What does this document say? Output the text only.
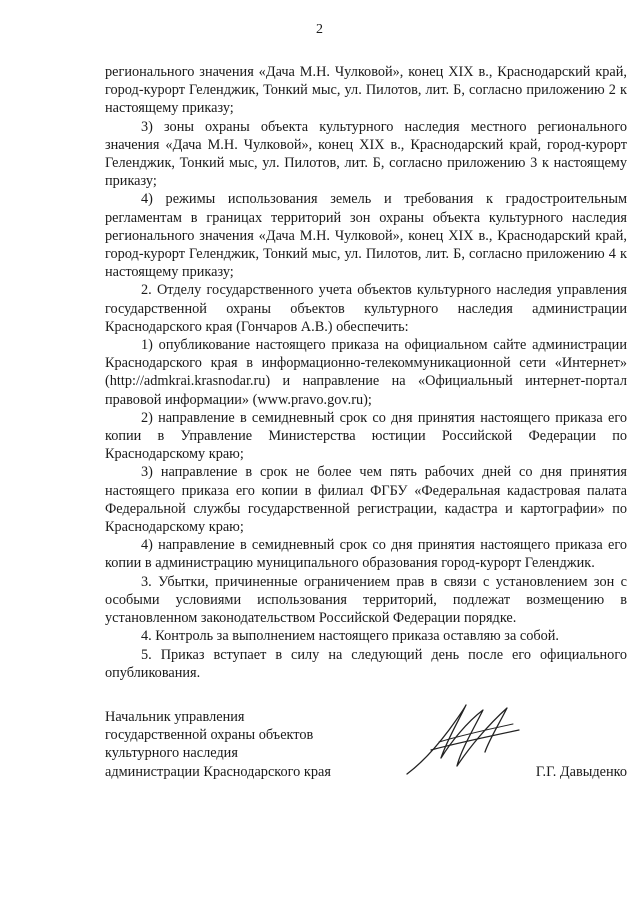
2

регионального значения «Дача М.Н. Чулковой», конец XIX в., Краснодарский край, город-курорт Геленджик, Тонкий мыс, ул. Пилотов, лит. Б, согласно приложению 2 к настоящему приказу;

3) зоны охраны объекта культурного наследия местного регионального значения «Дача М.Н. Чулковой», конец XIX в., Краснодарский край, город-курорт Геленджик, Тонкий мыс, ул. Пилотов, лит. Б, согласно приложению 3 к настоящему приказу;

4) режимы использования земель и требования к градостроительным регламентам в границах территорий зон охраны объекта культурного наследия регионального значения «Дача М.Н. Чулковой», конец XIX в., Краснодарский край, город-курорт Геленджик, Тонкий мыс, ул. Пилотов, лит. Б, согласно приложению 4 к настоящему приказу;

2. Отделу государственного учета объектов культурного наследия управления государственной охраны объектов культурного наследия администрации Краснодарского края (Гончаров А.В.) обеспечить:

1) опубликование настоящего приказа на официальном сайте администрации Краснодарского края в информационно-телекоммуникационной сети «Интернет» (http://admkrai.krasnodar.ru) и направление на «Официальный интернет-портал правовой информации» (www.pravo.gov.ru);

2) направление в семидневный срок со дня принятия настоящего приказа его копии в Управление Министерства юстиции Российской Федерации по Краснодарскому краю;

3) направление в срок не более чем пять рабочих дней со дня принятия настоящего приказа его копии в филиал ФГБУ «Федеральная кадастровая палата Федеральной службы государственной регистрации, кадастра и картографии» по Краснодарскому краю;

4) направление в семидневный срок со дня принятия настоящего приказа его копии в администрацию муниципального образования город-курорт Геленджик.

3. Убытки, причиненные ограничением прав в связи с установлением зон с особыми условиями использования территорий, подлежат возмещению в установленном законодательством Российской Федерации порядке.

4. Контроль за выполнением настоящего приказа оставляю за собой.

5. Приказ вступает в силу на следующий день после его официального опубликования.

Начальник управления
государственной охраны объектов
культурного наследия
администрации Краснодарского края	Г.Г. Давыденко
